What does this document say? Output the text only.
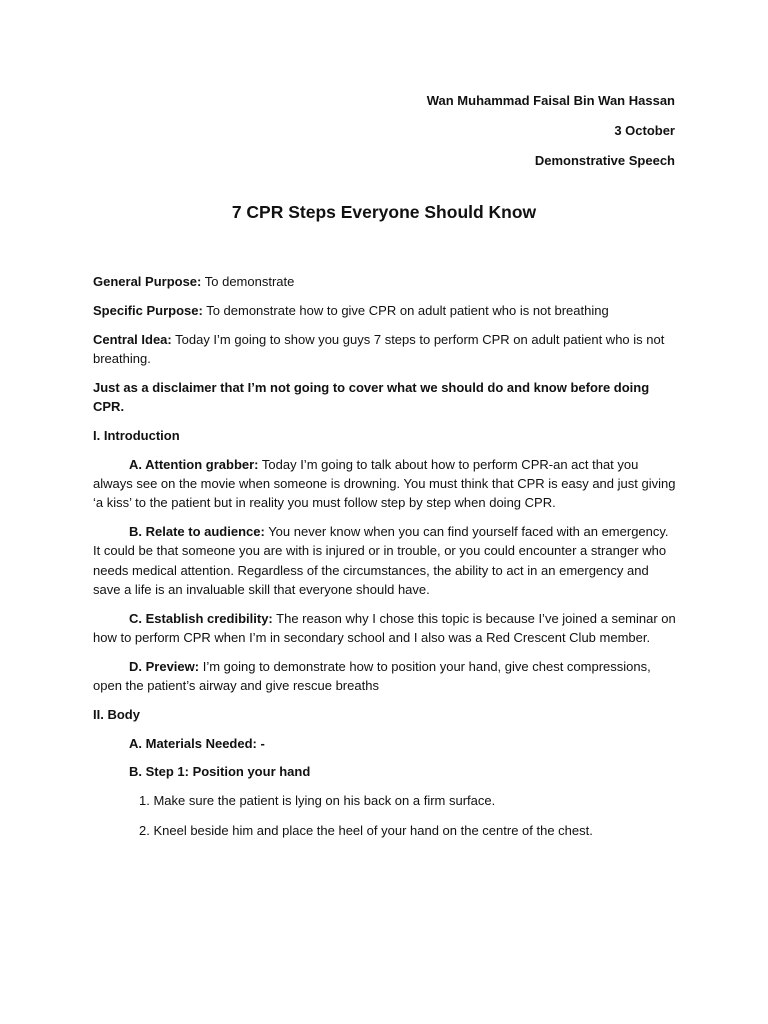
Wan Muhammad Faisal Bin Wan Hassan
3 October
Demonstrative Speech
7 CPR Steps Everyone Should Know

General Purpose: To demonstrate

Specific Purpose: To demonstrate how to give CPR on adult patient who is not breathing

Central Idea: Today I’m going to show you guys 7 steps to perform CPR on adult patient who is not breathing.

Just as a disclaimer that I’m not going to cover what we should do and know before doing CPR.

I. Introduction

A. Attention grabber: Today I’m going to talk about how to perform CPR-an act that you always see on the movie when someone is drowning. You must think that CPR is easy and just giving ‘a kiss’ to the patient but in reality you must follow step by step when doing CPR.

B. Relate to audience: You never know when you can find yourself faced with an emergency. It could be that someone you are with is injured or in trouble, or you could encounter a stranger who needs medical attention. Regardless of the circumstances, the ability to act in an emergency and save a life is an invaluable skill that everyone should have.

C. Establish credibility: The reason why I chose this topic is because I’ve joined a seminar on how to perform CPR when I’m in secondary school and I also was a Red Crescent Club member.

D. Preview: I’m going to demonstrate how to position your hand, give chest compressions, open the patient’s airway and give rescue breaths

II. Body

A. Materials Needed: -

B. Step 1: Position your hand

1. Make sure the patient is lying on his back on a firm surface.

2. Kneel beside him and place the heel of your hand on the centre of the chest.
